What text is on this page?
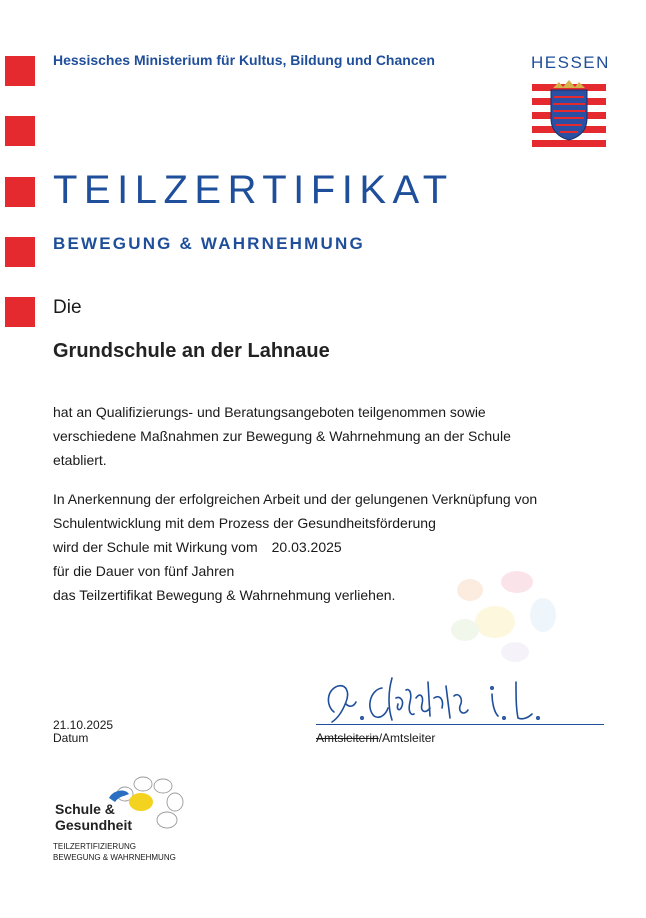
Hessisches Ministerium für Kultus, Bildung und Chancen	HESSEN
TEILZERTIFIKAT
BEWEGUNG & WAHRNEHMUNG
Die
Grundschule an der Lahnaue
hat an Qualifizierungs- und Beratungsangeboten teilgenommen sowie
verschiedene Maßnahmen zur Bewegung & Wahrnehmung an der Schule
etabliert.
In Anerkennung der erfolgreichen Arbeit und der gelungenen Verknüpfung von
Schulentwicklung mit dem Prozess der Gesundheitsförderung
wird der Schule mit Wirkung vom 20.03.2025
für die Dauer von fünf Jahren
das Teilzertifikat Bewegung & Wahrnehmung verliehen.
21.10.2025
Datum	Amtsleiterin/Amtsleiter
Schule &
Gesundheit
TEILZERTIFIZIERUNG
BEWEGUNG & WAHRNEHMUNG
